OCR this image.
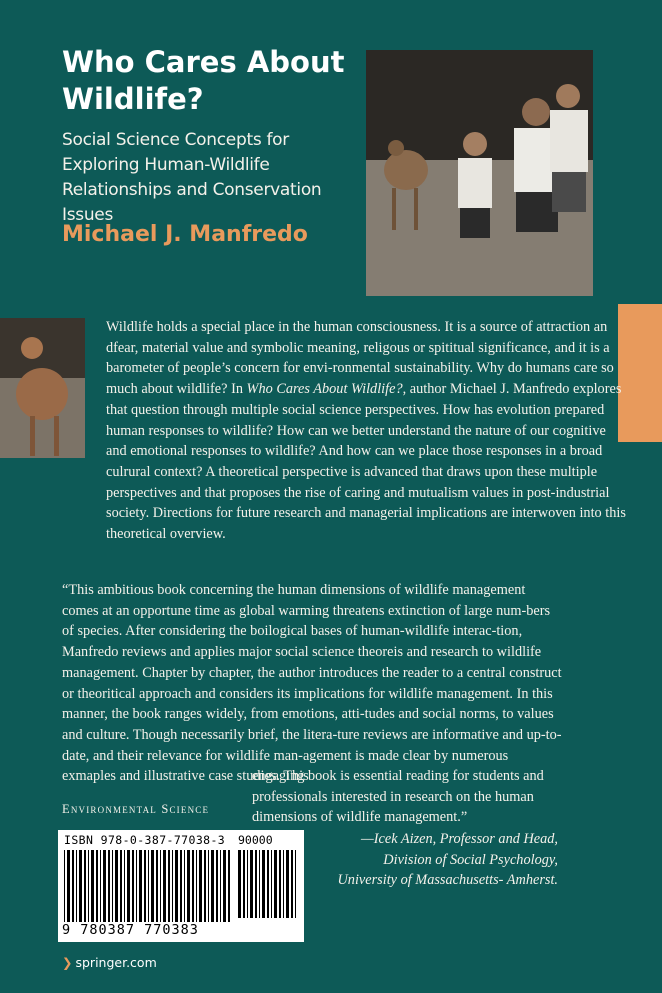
Who Cares About Wildlife?
Social Science Concepts for Exploring Human-Wildlife Relationships and Conservation Issues
Michael J. Manfredo

Wildlife holds a special place in the human consciousness. It is a source of attraction an dfear, material value and symbolic meaning, religous or spititual significance, and it is a barometer of people’s concern for envi-ronmental sustainability. Why do humans care so much about wildlife? In Who Cares About Wildlife?, author Michael J. Manfredo explores that question through multiple social science perspectives. How has evolution prepared human responses to wildlife? How can we better understand the nature of our cognitive and emotional responses to wildlife? And how can we place those responses in a broad culrural context? A theoretical perspective is advanced that draws upon these multiple perspectives and that proposes the rise of caring and mutualism values in post-industrial society. Directions for future research and managerial implications are interwoven into this theoretical overview.

“This ambitious book concerning the human dimensions of wildlife management comes at an opportune time as global warming threatens extinction of large num-bers of species. After considering the boilogical bases of human-wildlife interac-tion, Manfredo reviews and applies major social science theoreis and research to wildlife management. Chapter by chapter, the author introduces the reader to a central construct or theoritical approach and considers its implications for wildlife management. In this manner, the book ranges widely, from emotions, atti-tudes and social norms, to values and culture. Though necessarily brief, the litera-ture reviews are informative and up-to-date, and their relevance for wildlife man-agement is made clear by numerous exmaples and illustrative case studies. This
engaging book is essential reading for students and professionals interested in research on the human dimensions of wildlife management.”
—Icek Aizen, Professor and Head,
Division of Social Psychology,
University of Massachusetts- Amherst.
Environmental Science
ISBN 978-0-387-77038-3 90000
9 780387 770383
❯ springer.com
